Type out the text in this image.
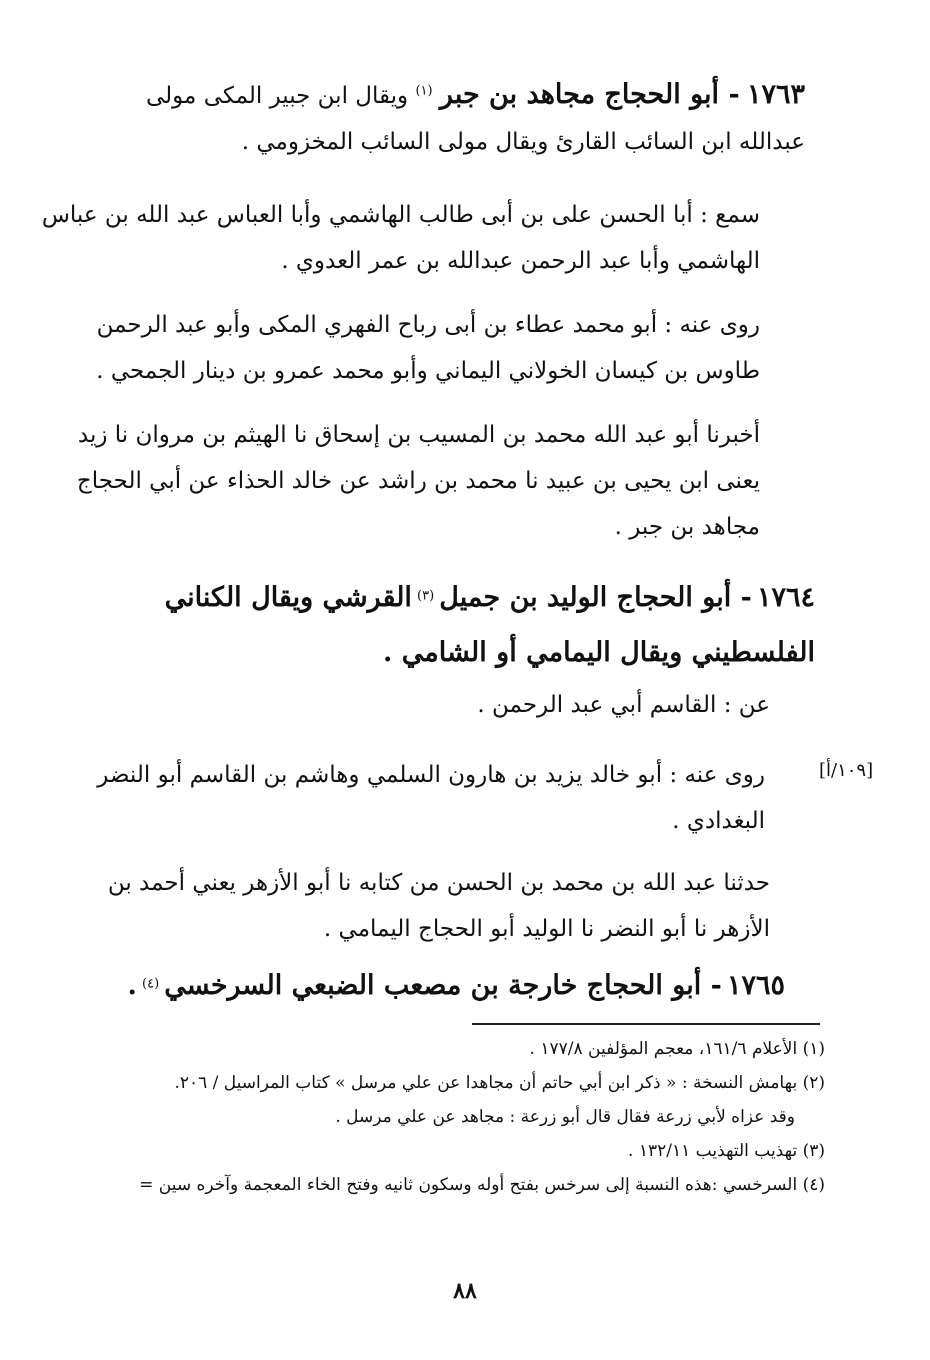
١٧٦٣ - أبو الحجاج مجاهد بن جبر $^{(١)}$ ويقال ابن جبير المكى مولى
عبدالله ابن السائب القارئ ويقال مولى السائب المخزومي .
سمع : أبا الحسن على بن أبى طالب الهاشمي وأبا العباس عبد الله بن عباس
الهاشمي وأبا عبد الرحمن عبدالله بن عمر العدوي .
روى عنه : أبو محمد عطاء بن أبى رباح الفهري المكى وأبو عبد الرحمن
طاوس بن كيسان الخولاني اليماني وأبو محمد عمرو بن دينار الجمحي .
أخبرنا أبو عبد الله محمد بن المسيب بن إسحاق نا الهيثم بن مروان نا زيد
يعنى ابن يحيى بن عبيد نا محمد بن راشد عن خالد الحذاء عن أبي الحجاج
مجاهد بن جبر .
١٧٦٤ - أبو الحجاج الوليد بن جميل $^{(٣)}$ القرشي ويقال الكناني
الفلسطيني ويقال اليمامي أو الشامي .
عن : القاسم أبي عبد الرحمن .
[١٠٩/أ]
روى عنه : أبو خالد يزيد بن هارون السلمي وهاشم بن القاسم أبو النضر
البغدادي .
حدثنا عبد الله بن محمد بن الحسن من كتابه نا أبو الأزهر يعني أحمد بن
الأزهر نا أبو النضر نا الوليد أبو الحجاج اليمامي .
١٧٦٥ - أبو الحجاج خارجة بن مصعب الضبعي السرخسي $^{(٤)}$ .
(١) الأعلام ١٦١/٦، معجم المؤلفين ١٧٧/٨ .
(٢) بهامش النسخة : « ذكر ابن أبي حاتم أن مجاهدا عن علي مرسل » كتاب المراسيل / ٢٠٦.
وقد عزاه لأبي زرعة فقال قال أبو زرعة : مجاهد عن علي مرسل .
(٣) تهذيب التهذيب ١٣٢/١١ .
(٤) السرخسي :هذه النسبة إلى سرخس بفتح أوله وسكون ثانيه وفتح الخاء المعجمة وآخره سين =
٨٨
